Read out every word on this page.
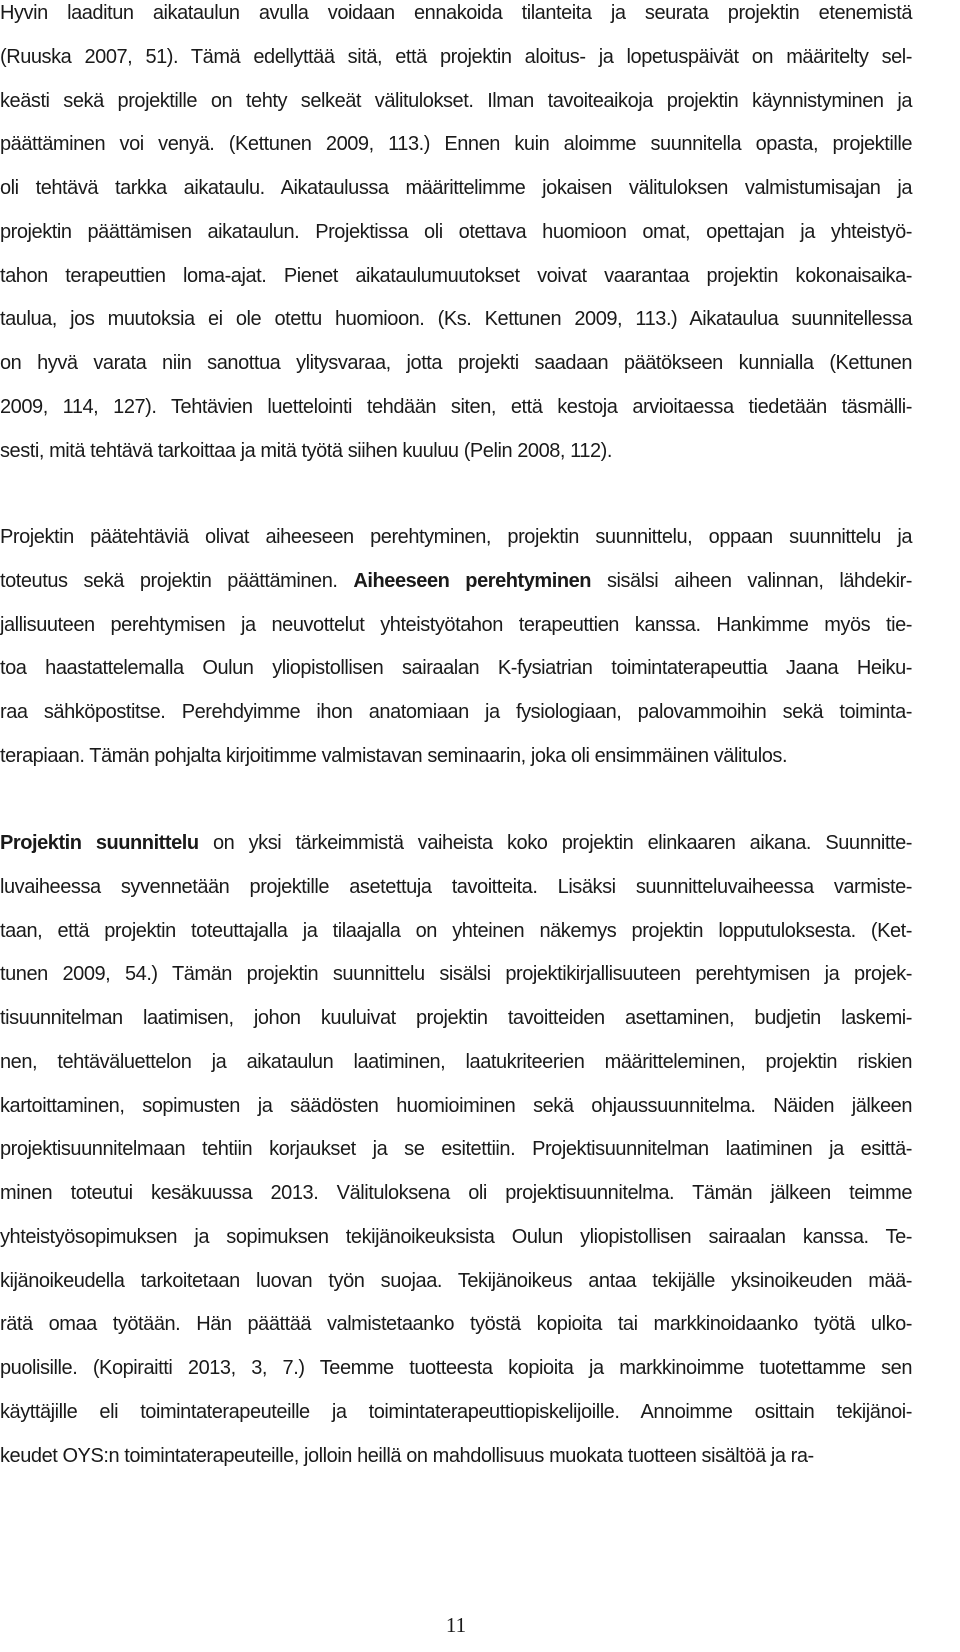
Hyvin laaditun aikataulun avulla voidaan ennakoida tilanteita ja seurata projektin etenemistä
(Ruuska 2007, 51). Tämä edellyttää sitä, että projektin aloitus- ja lopetuspäivät on määritelty sel-
keästi sekä projektille on tehty selkeät välitulokset. Ilman tavoiteaikoja projektin käynnistyminen ja
päättäminen voi venyä. (Kettunen 2009, 113.) Ennen kuin aloimme suunnitella opasta, projektille
oli tehtävä tarkka aikataulu. Aikataulussa määrittelimme jokaisen välituloksen valmistumisajan ja
projektin päättämisen aikataulun. Projektissa oli otettava huomioon omat, opettajan ja yhteistyö-
tahon terapeuttien loma-ajat. Pienet aikataulumuutokset voivat vaarantaa projektin kokonaisaika-
taulua, jos muutoksia ei ole otettu huomioon. (Ks. Kettunen 2009, 113.) Aikataulua suunnitellessa
on hyvä varata niin sanottua ylitysvaraa, jotta projekti saadaan päätökseen kunnialla (Kettunen
2009, 114, 127). Tehtävien luettelointi tehdään siten, että kestoja arvioitaessa tiedetään täsmälli-
sesti, mitä tehtävä tarkoittaa ja mitä työtä siihen kuuluu (Pelin 2008, 112).
Projektin päätehtäviä olivat aiheeseen perehtyminen, projektin suunnittelu, oppaan suunnittelu ja
toteutus sekä projektin päättäminen. Aiheeseen perehtyminen sisälsi aiheen valinnan, lähdekir-
jallisuuteen perehtymisen ja neuvottelut yhteistyötahon terapeuttien kanssa. Hankimme myös tie-
toa haastattelemalla Oulun yliopistollisen sairaalan K-fysiatrian toimintaterapeuttia Jaana Heiku-
raa sähköpostitse. Perehdyimme ihon anatomiaan ja fysiologiaan, palovammoihin sekä toiminta-
terapiaan. Tämän pohjalta kirjoitimme valmistavan seminaarin, joka oli ensimmäinen välitulos.
Projektin suunnittelu on yksi tärkeimmistä vaiheista koko projektin elinkaaren aikana. Suunnitte-
luvaiheessa syvennetään projektille asetettuja tavoitteita. Lisäksi suunnitteluvaiheessa varmiste-
taan, että projektin toteuttajalla ja tilaajalla on yhteinen näkemys projektin lopputuloksesta. (Ket-
tunen 2009, 54.) Tämän projektin suunnittelu sisälsi projektikirjallisuuteen perehtymisen ja projek-
tisuunnitelman laatimisen, johon kuuluivat projektin tavoitteiden asettaminen, budjetin laskemi-
nen, tehtäväluettelon ja aikataulun laatiminen, laatukriteerien määritteleminen, projektin riskien
kartoittaminen, sopimusten ja säädösten huomioiminen sekä ohjaussuunnitelma. Näiden jälkeen
projektisuunnitelmaan tehtiin korjaukset ja se esitettiin. Projektisuunnitelman laatiminen ja esittä-
minen toteutui kesäkuussa 2013. Välituloksena oli projektisuunnitelma. Tämän jälkeen teimme
yhteistyösopimuksen ja sopimuksen tekijänoikeuksista Oulun yliopistollisen sairaalan kanssa. Te-
kijänoikeudella tarkoitetaan luovan työn suojaa. Tekijänoikeus antaa tekijälle yksinoikeuden mää-
rätä omaa työtään. Hän päättää valmistetaanko työstä kopioita tai markkinoidaanko työtä ulko-
puolisille. (Kopiraitti 2013, 3, 7.) Teemme tuotteesta kopioita ja markkinoimme tuotettamme sen
käyttäjille eli toimintaterapeuteille ja toimintaterapeuttiopiskelijoille. Annoimme osittain tekijänoi-
keudet OYS:n toimintaterapeuteille, jolloin heillä on mahdollisuus muokata tuotteen sisältöä ja ra-
11
